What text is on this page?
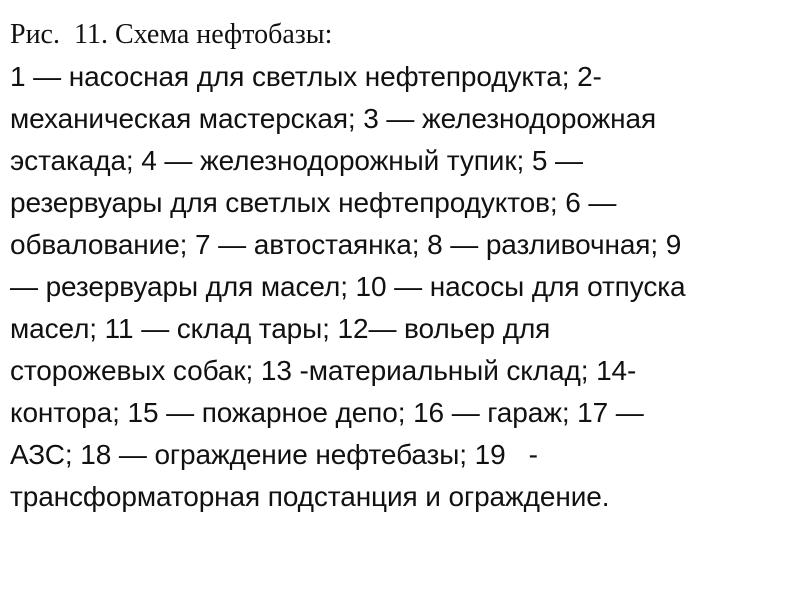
Рис.  11. Схема нефтобазы:

1 — насосная для светлых нефтепродукта; 2-

механическая мастерская; 3 — железнодорожная

эстакада; 4 — железнодорожный тупик; 5 —

резервуары для светлых нефтепродуктов; 6 —

обвалование; 7 — автостаянка; 8 — разливочная; 9

— резервуары для масел; 10 — насосы для отпуска

масел; 11 — склад тары; 12— вольер для

сторожевых собак; 13 -материальный склад; 14-

контора; 15 — пожарное депо; 16 — гараж; 17 —

АЗС; 18 — ограждение нефтебазы; 19   -

трансформаторная подстанция и ограждение.
